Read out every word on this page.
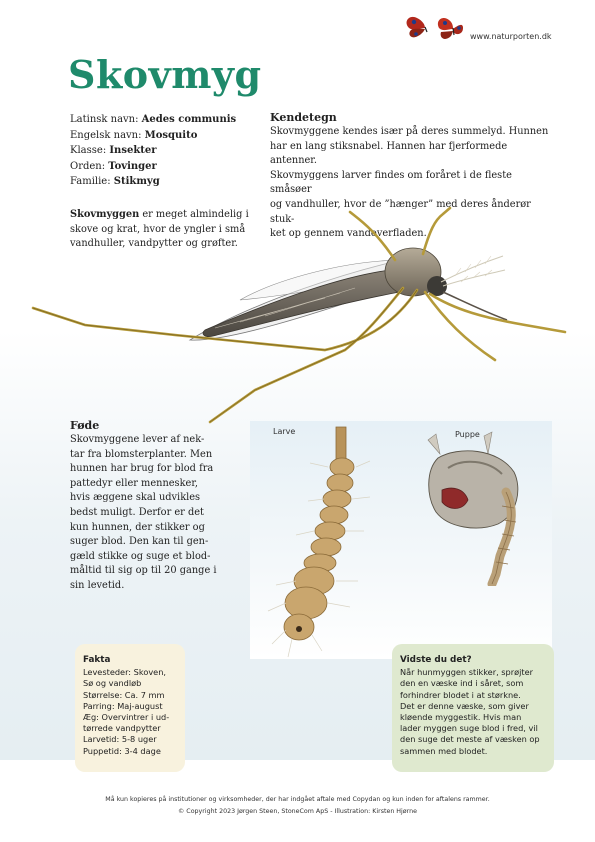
www.naturporten.dk
Skovmyg
Latinsk navn: Aedes communis
Engelsk navn: Mosquito
Klasse: Insekter
Orden: Tovinger
Familie: Stikmyg
Kendetegn
Skovmyggene kendes især på deres summelyd. Hunnen
har en lang stiksnabel. Hannen har fjerformede antenner.
Skovmyggens larver findes om foråret i de fleste småsøer
og vandhuller, hvor de ”hænger” med deres ånderør stuk-
ket op gennem vandoverfladen.
Skovmyggen er meget almindelig i
skove og krat, hvor de yngler i små
vandhuller, vandpytter og grøfter.
Føde
Skovmyggene lever af nek-
tar fra blomsterplanter. Men
hunnen har brug for blod fra
pattedyr eller mennesker,
hvis æggene skal udvikles
bedst muligt. Derfor er det
kun hunnen, der stikker og
suger blod. Den kan til gen-
gæld stikke og suge et blod-
måltid til sig op til 20 gange i
sin levetid.
Larve	Puppe
Fakta
Levesteder: Skoven,
Sø og vandløb
Størrelse: Ca. 7 mm
Parring: Maj-august
Æg: Overvintrer i ud-
tørrede vandpytter
Larvetid: 5-8 uger
Puppetid: 3-4 dage
Vidste du det?
Når hunmyggen stikker, sprøjter
den en væske ind i såret, som
forhindrer blodet i at størkne.
Det er denne væske, som giver
kløende myggestik. Hvis man
lader myggen suge blod i fred, vil
den suge det meste af væsken op
sammen med blodet.
Må kun kopieres på institutioner og virksomheder, der har indgået aftale med Copydan og kun inden for aftalens rammer.
© Copyright 2023 Jørgen Steen, StoneCom ApS - Illustration: Kirsten Hjørne
